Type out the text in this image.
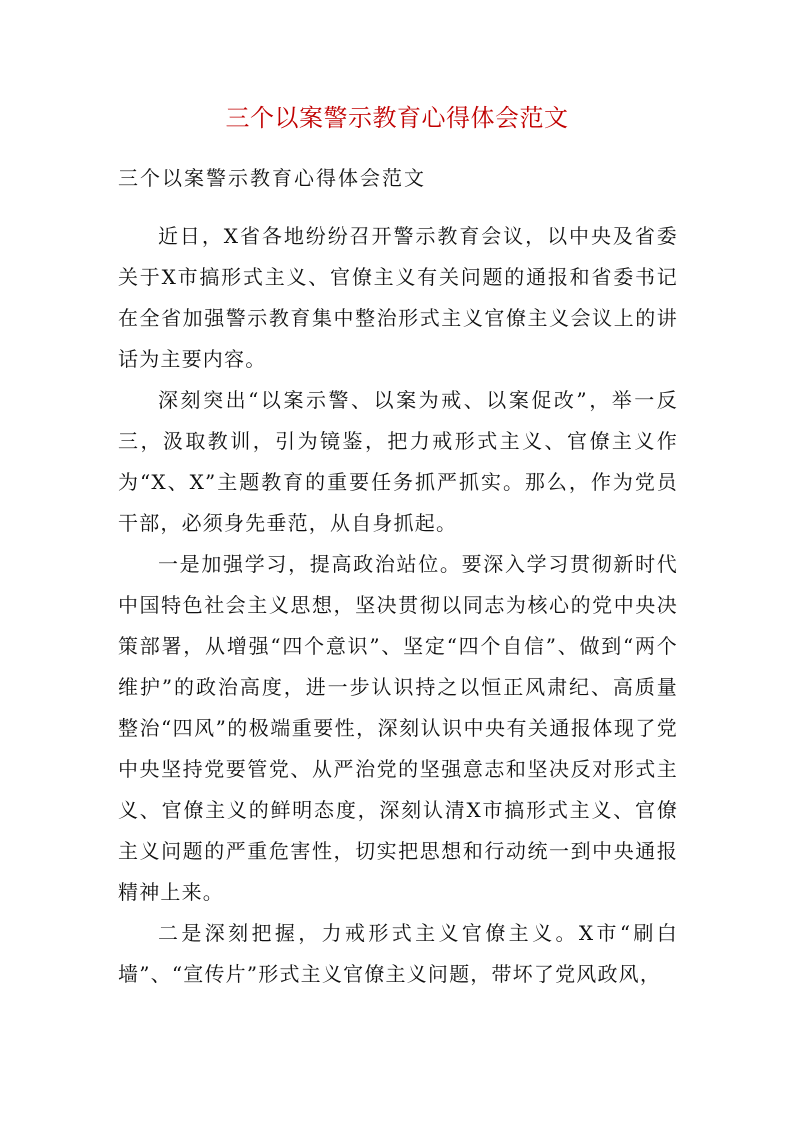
三个以案警示教育心得体会范文
三个以案警示教育心得体会范文

近日，X省各地纷纷召开警示教育会议，以中央及省委关于X市搞形式主义、官僚主义有关问题的通报和省委书记在全省加强警示教育集中整治形式主义官僚主义会议上的讲话为主要内容。

深刻突出“以案示警、以案为戒、以案促改”，举一反三，汲取教训，引为镜鉴，把力戒形式主义、官僚主义作为“X、X”主题教育的重要任务抓严抓实。那么，作为党员干部，必须身先垂范，从自身抓起。

一是加强学习，提高政治站位。要深入学习贯彻新时代中国特色社会主义思想，坚决贯彻以同志为核心的党中央决策部署，从增强“四个意识”、坚定“四个自信”、做到“两个维护”的政治高度，进一步认识持之以恒正风肃纪、高质量整治“四风”的极端重要性，深刻认识中央有关通报体现了党中央坚持党要管党、从严治党的坚强意志和坚决反对形式主义、官僚主义的鲜明态度，深刻认清X市搞形式主义、官僚主义问题的严重危害性，切实把思想和行动统一到中央通报精神上来。

二是深刻把握，力戒形式主义官僚主义。X市“刷白墙”、“宣传片”形式主义官僚主义问题，带坏了党风政风，
